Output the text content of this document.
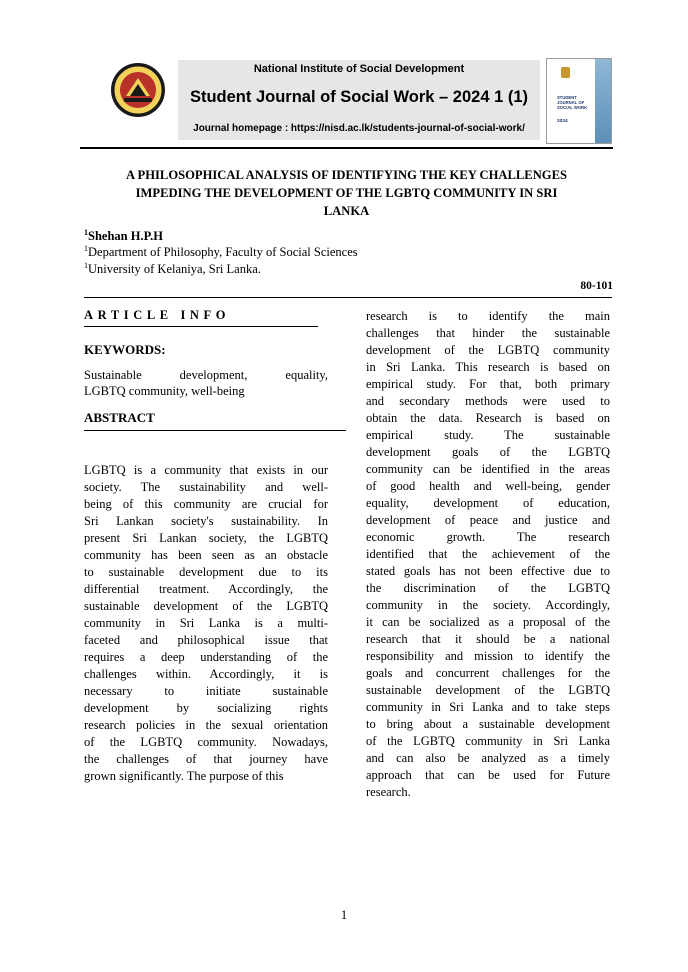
National Institute of Social Development
Student Journal of Social Work – 2024 1 (1)
Journal homepage : https://nisd.ac.lk/students-journal-of-social-work/
STUDENT JOURNAL OF SOCIAL WORK
2024
A PHILOSOPHICAL ANALYSIS OF IDENTIFYING THE KEY CHALLENGES
IMPEDING THE DEVELOPMENT OF THE LGBTQ COMMUNITY IN SRI
LANKA
$^1$Shehan H.P.H
$^1$Department of Philosophy, Faculty of Social Sciences
$^1$University of Kelaniya, Sri Lanka.
80-101
ARTICLE INFO
KEYWORDS:
Sustainable development, equality,
LGBTQ community, well-being
ABSTRACT
LGBTQ is a community that exists in our
society. The sustainability and well-
being of this community are crucial for
Sri Lankan society's sustainability. In
present Sri Lankan society, the LGBTQ
community has been seen as an obstacle
to sustainable development due to its
differential treatment. Accordingly, the
sustainable development of the LGBTQ
community in Sri Lanka is a multi-
faceted and philosophical issue that
requires a deep understanding of the
challenges within. Accordingly, it is
necessary to initiate sustainable
development by socializing rights
research policies in the sexual orientation
of the LGBTQ community. Nowadays,
the challenges of that journey have
grown significantly. The purpose of this
research is to identify the main
challenges that hinder the sustainable
development of the LGBTQ community
in Sri Lanka. This research is based on
empirical study. For that, both primary
and secondary methods were used to
obtain the data. Research is based on
empirical study. The sustainable
development goals of the LGBTQ
community can be identified in the areas
of good health and well-being, gender
equality, development of education,
development of peace and justice and
economic growth. The research
identified that the achievement of the
stated goals has not been effective due to
the discrimination of the LGBTQ
community in the society. Accordingly,
it can be socialized as a proposal of the
research that it should be a national
responsibility and mission to identify the
goals and concurrent challenges for the
sustainable development of the LGBTQ
community in Sri Lanka and to take steps
to bring about a sustainable development
of the LGBTQ community in Sri Lanka
and can also be analyzed as a timely
approach that can be used for Future
research.
1
